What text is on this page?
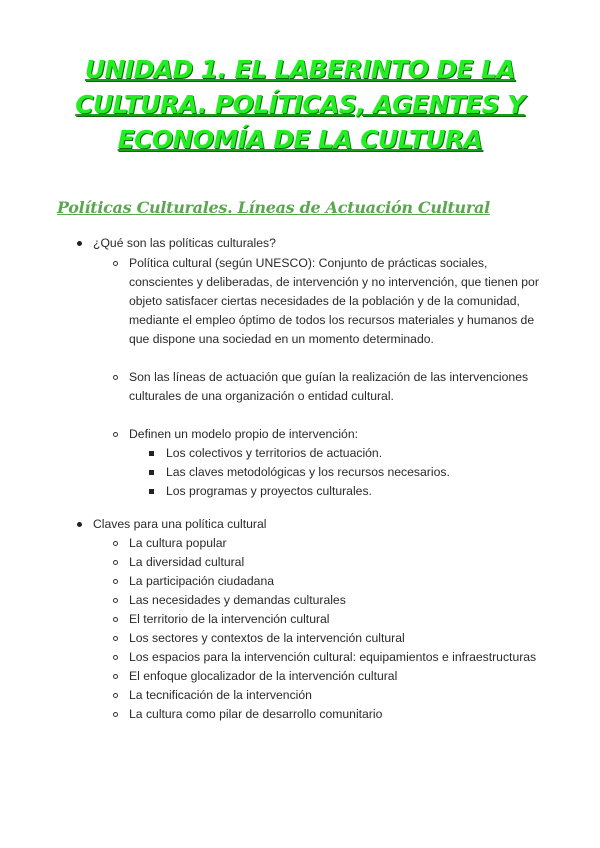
UNIDAD 1. EL LABERINTO DE LA
CULTURA. POLÍTICAS, AGENTES Y
ECONOMÍA DE LA CULTURA
Políticas Culturales. Líneas de Actuación Cultural
¿Qué son las políticas culturales?
Política cultural (según UNESCO): Conjunto de prácticas sociales,
conscientes y deliberadas, de intervención y no intervención, que tienen por
objeto satisfacer ciertas necesidades de la población y de la comunidad,
mediante el empleo óptimo de todos los recursos materiales y humanos de
que dispone una sociedad en un momento determinado.
Son las líneas de actuación que guían la realización de las intervenciones
culturales de una organización o entidad cultural.
Definen un modelo propio de intervención:
Los colectivos y territorios de actuación.
Las claves metodológicas y los recursos necesarios.
Los programas y proyectos culturales.
Claves para una política cultural
La cultura popular
La diversidad cultural
La participación ciudadana
Las necesidades y demandas culturales
El territorio de la intervención cultural
Los sectores y contextos de la intervención cultural
Los espacios para la intervención cultural: equipamientos e infraestructuras
El enfoque glocalizador de la intervención cultural
La tecnificación de la intervención
La cultura como pilar de desarrollo comunitario
